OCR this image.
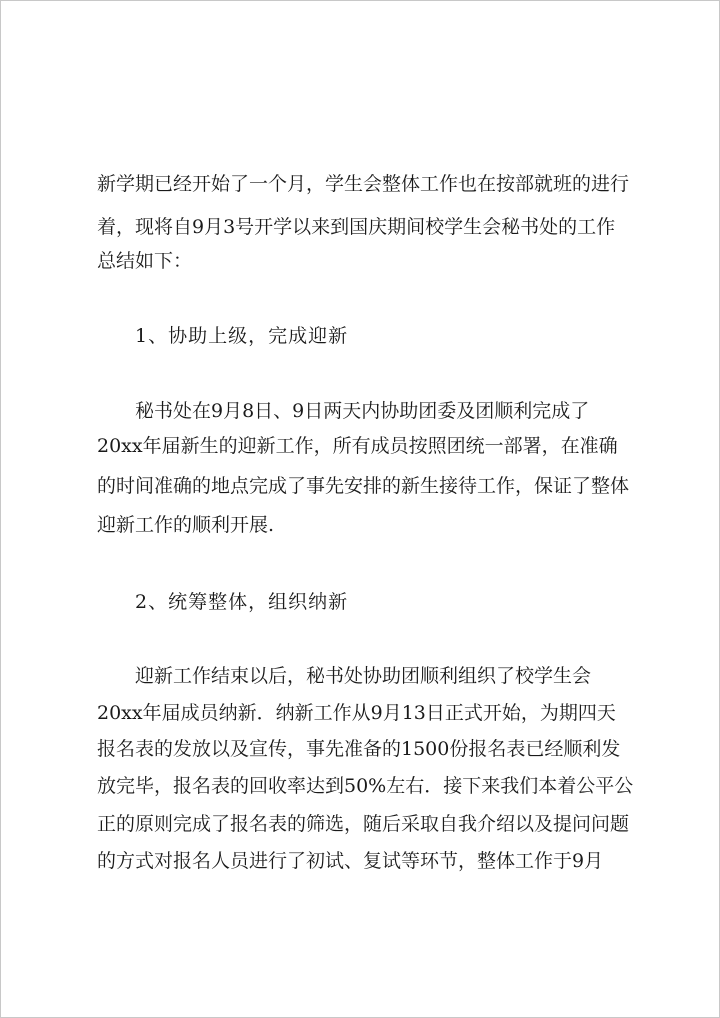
新学期已经开始了一个月，学生会整体工作也在按部就班的进行
着，现将自9月3号开学以来到国庆期间校学生会秘书处的工作
总结如下：
1、协助上级，完成迎新
秘书处在9月8日、9日两天内协助团委及团顺利完成了
20xx年届新生的迎新工作，所有成员按照团统一部署，在准确
的时间准确的地点完成了事先安排的新生接待工作，保证了整体
迎新工作的顺利开展.
2、统筹整体，组织纳新
迎新工作结束以后，秘书处协助团顺利组织了校学生会
20xx年届成员纳新．纳新工作从9月13日正式开始，为期四天
报名表的发放以及宣传，事先准备的1500份报名表已经顺利发
放完毕，报名表的回收率达到50%左右．接下来我们本着公平公
正的原则完成了报名表的筛选，随后采取自我介绍以及提问问题
的方式对报名人员进行了初试、复试等环节，整体工作于9月
